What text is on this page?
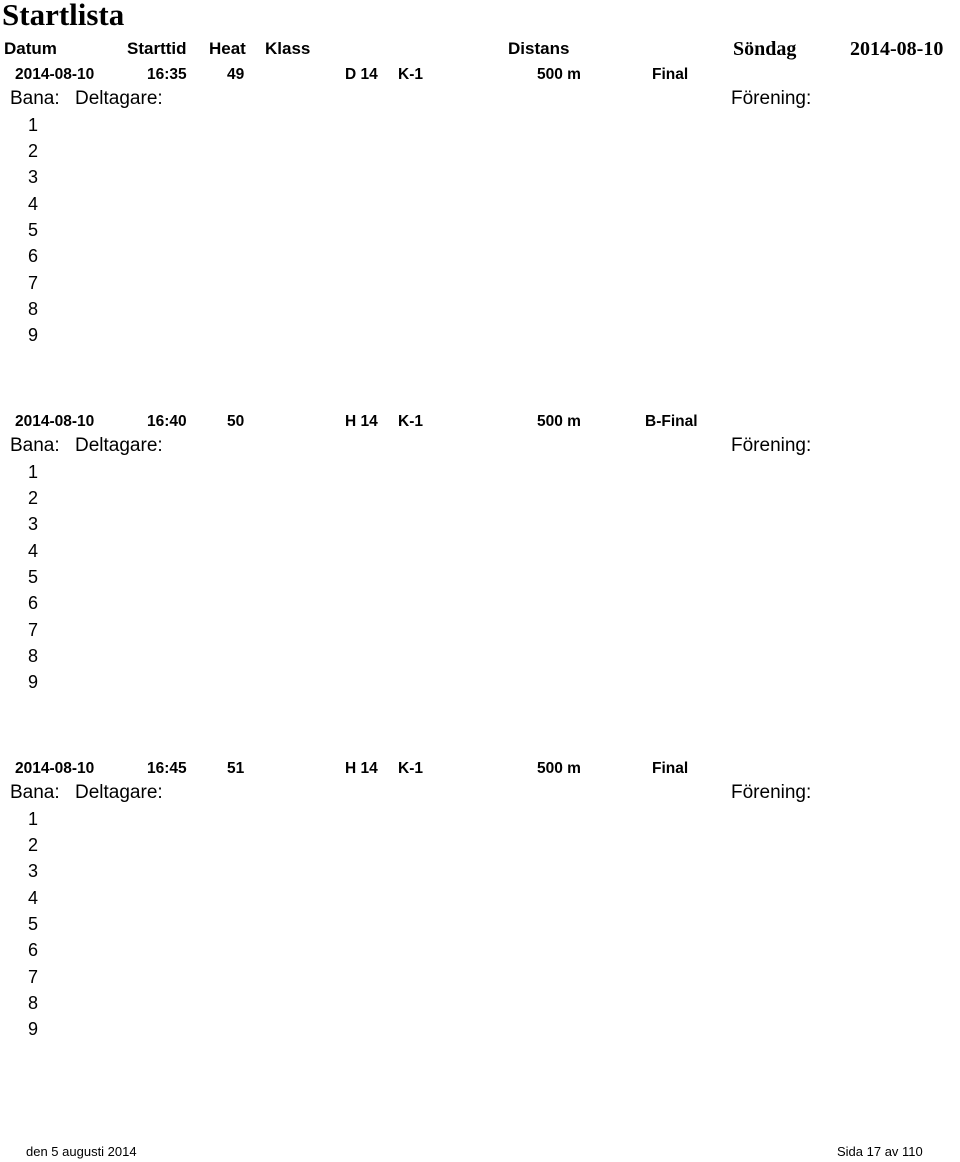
Startlista
Datum	Starttid Heat Klass	Distans	Söndag	2014-08-10
2014-08-10	16:35	49	D 14 K-1	500 m	Final
Bana: Deltagare:	Förening:
1
2
3
4
5
6
7
8
9
2014-08-10	16:40	50	H 14 K-1	500 m	B-Final
Bana: Deltagare:	Förening:
1
2
3
4
5
6
7
8
9
2014-08-10	16:45	51	H 14 K-1	500 m	Final
Bana: Deltagare:	Förening:
1
2
3
4
5
6
7
8
9
den 5 augusti 2014	Sida 17 av 110
